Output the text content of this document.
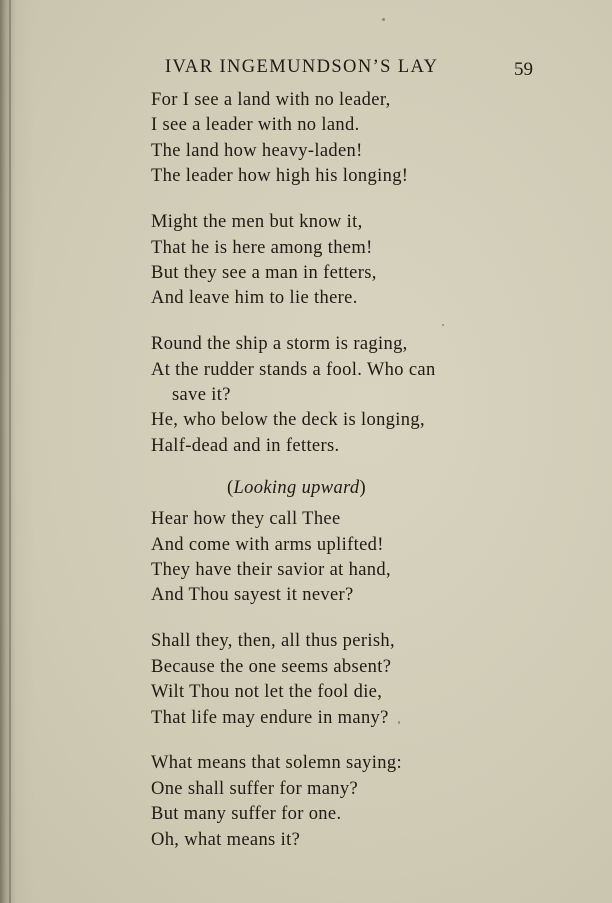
IVAR INGEMUNDSON’S LAY	59
For I see a land with no leader,
I see a leader with no land.
The land how heavy-laden!
The leader how high his longing!
Might the men but know it,
That he is here among them!
But they see a man in fetters,
And leave him to lie there.
Round the ship a storm is raging,
At the rudder stands a fool. Who can
save it?
He, who below the deck is longing,
Half-dead and in fetters.
(Looking upward)
Hear how they call Thee
And come with arms uplifted!
They have their savior at hand,
And Thou sayest it never?
Shall they, then, all thus perish,
Because the one seems absent?
Wilt Thou not let the fool die,
That life may endure in many?
What means that solemn saying:
One shall suffer for many?
But many suffer for one.
Oh, what means it?
